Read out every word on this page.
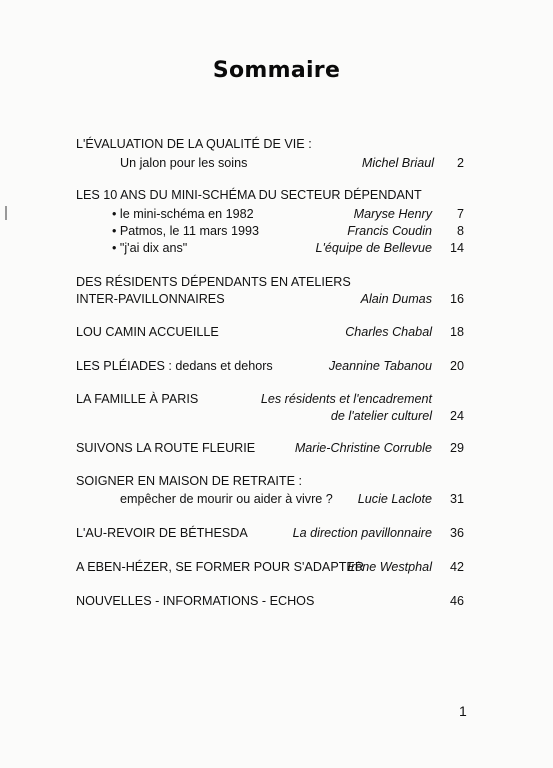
Sommaire
L'ÉVALUATION DE LA QUALITÉ DE VIE :
Un jalon pour les soins	Michel Briaul	2
LES 10 ANS DU MINI-SCHÉMA DU SECTEUR DÉPENDANT
• le mini-schéma en 1982	Maryse Henry	7
• Patmos, le 11 mars 1993	Francis Coudin	8
• "j'ai dix ans"	L'équipe de Bellevue	14
DES RÉSIDENTS DÉPENDANTS EN ATELIERS
INTER-PAVILLONNAIRES	Alain Dumas	16
LOU CAMIN ACCUEILLE	Charles Chabal	18
LES PLÉIADES : dedans et dehors	Jeannine Tabanou	20
LA FAMILLE À PARIS	Les résidents et l'encadrement
de l'atelier culturel	24
SUIVONS LA ROUTE FLEURIE	Marie-Christine Corruble	29
SOIGNER EN MAISON DE RETRAITE :
empêcher de mourir ou aider à vivre ? Lucie Laclote	31
L'AU-REVOIR DE BÉTHESDA	La direction pavillonnaire	36
A EBEN-HÉZER, SE FORMER POUR S'ADAPTER
Irène Westphal	42
NOUVELLES - INFORMATIONS - ECHOS	46
1
